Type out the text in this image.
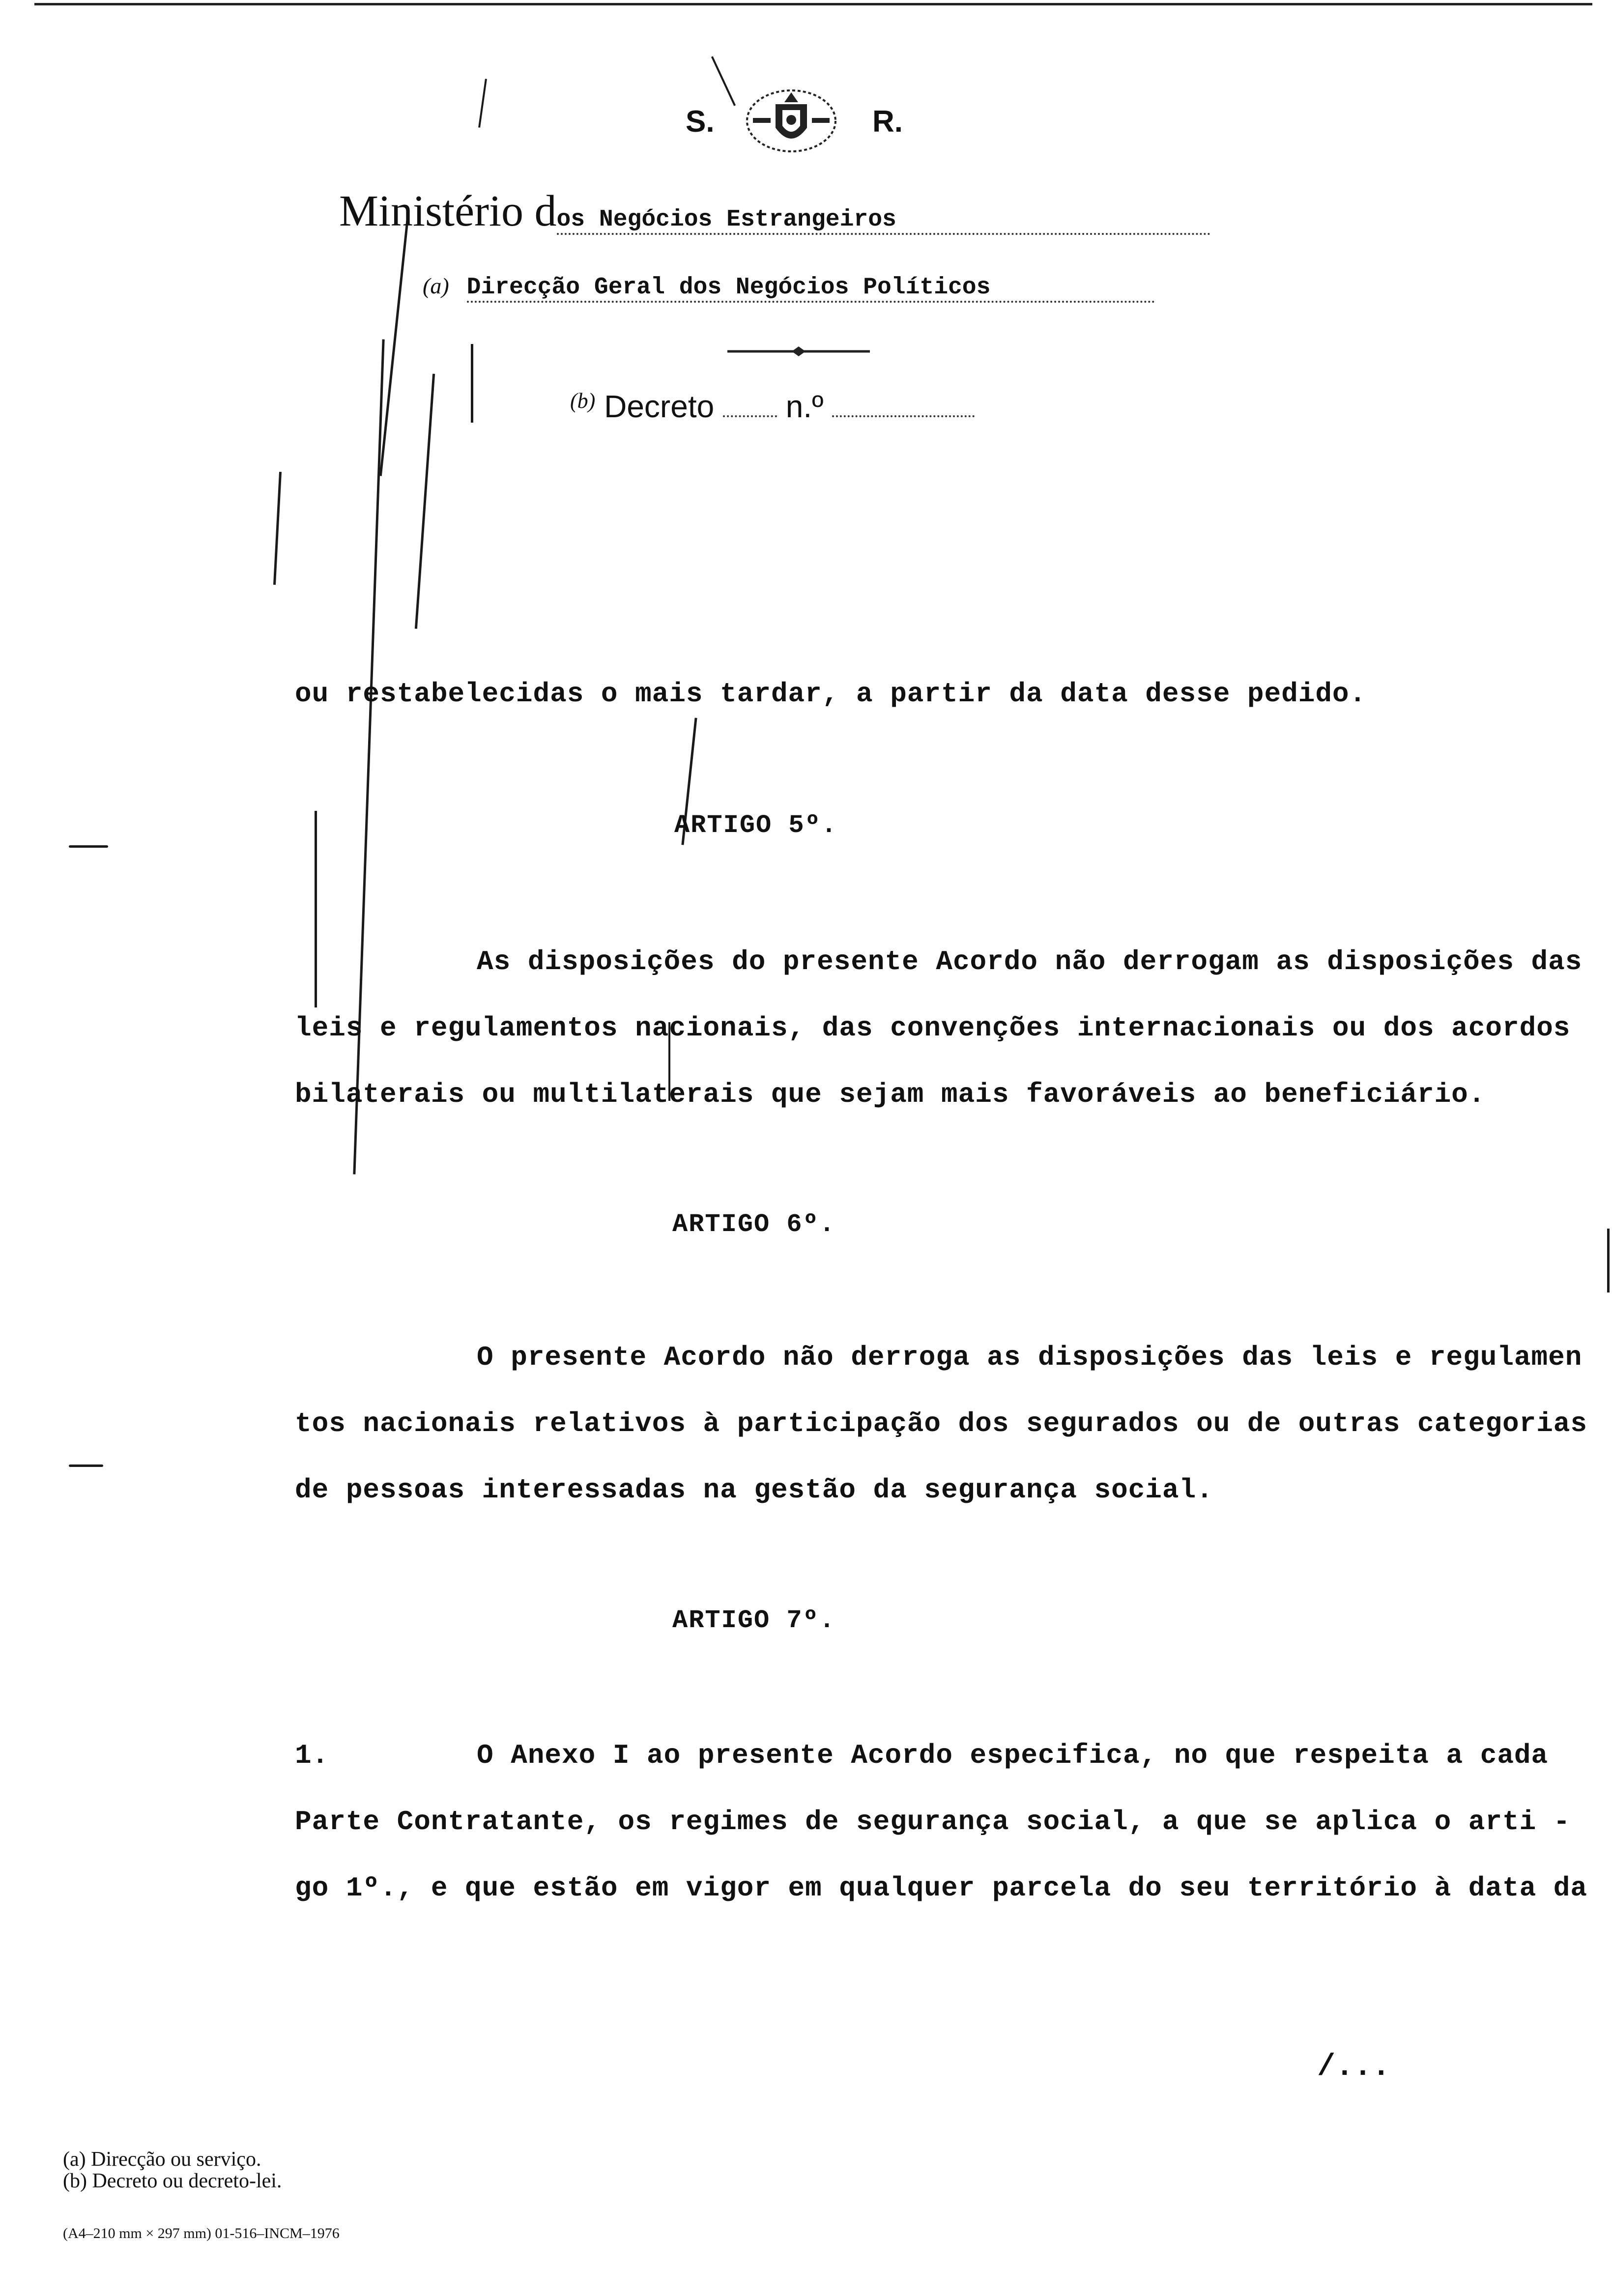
S.	R.
Ministério dos Negócios Estrangeiros
(a) Direcção Geral dos Negócios Políticos
$^{(b)}$ Decreto n.º
ou restabelecidas o mais tardar, a partir da data desse pedido.
ARTIGO 5º.
As disposições do presente Acordo não derrogam as disposições das
leis e regulamentos nacionais, das convenções internacionais ou dos acordos
bilaterais ou multilaterais que sejam mais favoráveis ao beneficiário.
ARTIGO 6º.
O presente Acordo não derroga as disposições das leis e regulamen
tos nacionais relativos à participação dos segurados ou de outras categorias
de pessoas interessadas na gestão da segurança social.
ARTIGO 7º.
1.	O Anexo I ao presente Acordo especifica, no que respeita a cada
Parte Contratante, os regimes de segurança social, a que se aplica o arti -
go 1º., e que estão em vigor em qualquer parcela do seu território à data da
/...
(a) Direcção ou serviço.
(b) Decreto ou decreto-lei.
(A4–210 mm × 297 mm) 01-516–INCM–1976
